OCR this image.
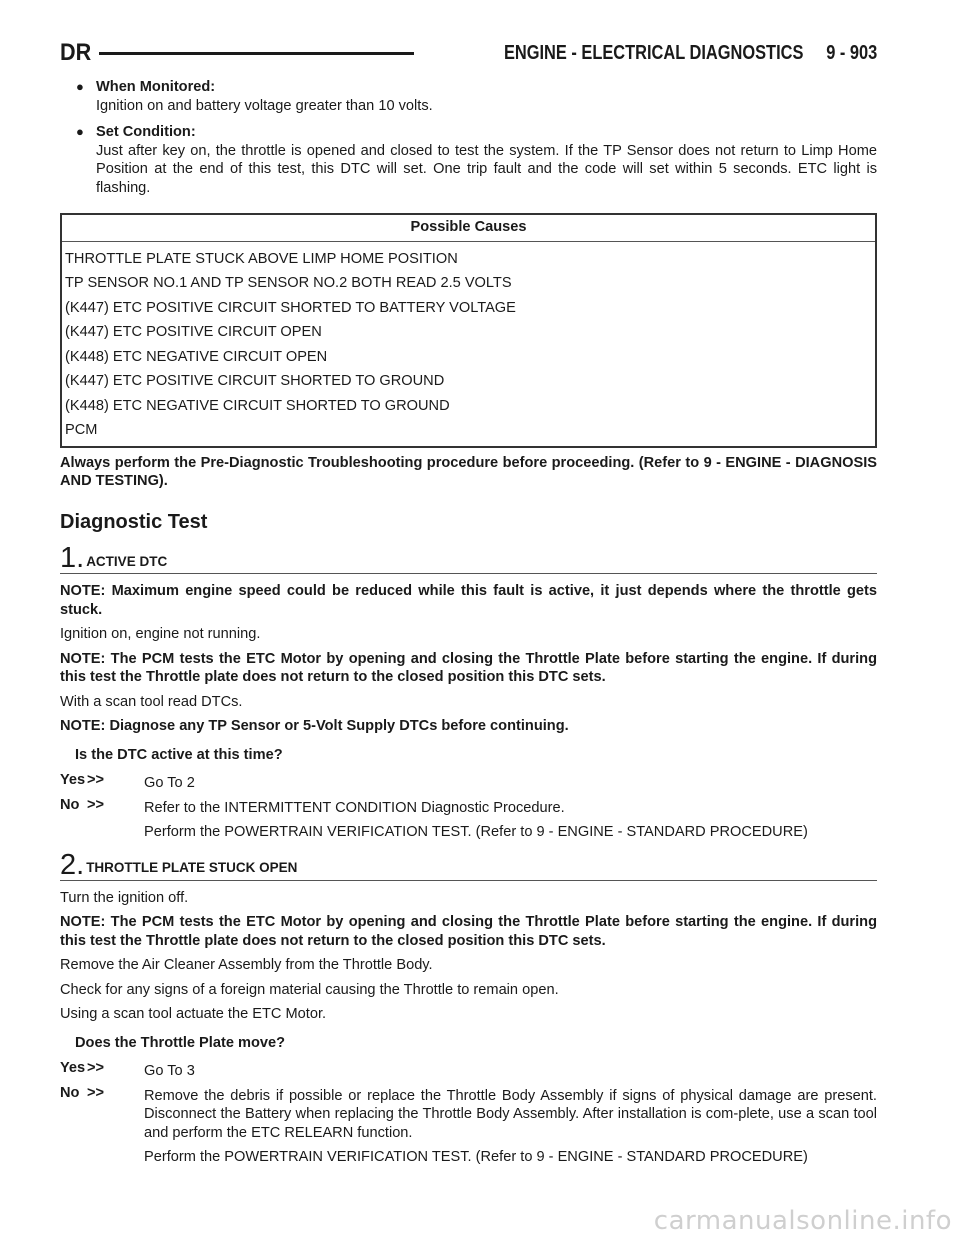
DR	ENGINE - ELECTRICAL DIAGNOSTICS     9 - 903
● When Monitored:
Ignition on and battery voltage greater than 10 volts.
● Set Condition:
Just after key on, the throttle is opened and closed to test the system. If the TP Sensor does not return to Limp Home Position at the end of this test, this DTC will set. One trip fault and the code will set within 5 seconds. ETC light is flashing.
Possible Causes
THROTTLE PLATE STUCK ABOVE LIMP HOME POSITION
TP SENSOR NO.1 AND TP SENSOR NO.2 BOTH READ 2.5 VOLTS
(K447) ETC POSITIVE CIRCUIT SHORTED TO BATTERY VOLTAGE
(K447) ETC POSITIVE CIRCUIT OPEN
(K448) ETC NEGATIVE CIRCUIT OPEN
(K447) ETC POSITIVE CIRCUIT SHORTED TO GROUND
(K448) ETC NEGATIVE CIRCUIT SHORTED TO GROUND
PCM

Always perform the Pre-Diagnostic Troubleshooting procedure before proceeding. (Refer to 9 - ENGINE - DIAGNOSIS AND TESTING).

Diagnostic Test
1. ACTIVE DTC

NOTE: Maximum engine speed could be reduced while this fault is active, it just depends where the throttle gets stuck.

Ignition on, engine not running.

NOTE: The PCM tests the ETC Motor by opening and closing the Throttle Plate before starting the engine. If during this test the Throttle plate does not return to the closed position this DTC sets.

With a scan tool read DTCs.

NOTE: Diagnose any TP Sensor or 5-Volt Supply DTCs before continuing.

Is the DTC active at this time?
Yes >>	Go To 2
No >>	Refer to the INTERMITTENT CONDITION Diagnostic Procedure.
Perform the POWERTRAIN VERIFICATION TEST. (Refer to 9 - ENGINE - STANDARD PROCEDURE)
2. THROTTLE PLATE STUCK OPEN

Turn the ignition off.

NOTE: The PCM tests the ETC Motor by opening and closing the Throttle Plate before starting the engine. If during this test the Throttle plate does not return to the closed position this DTC sets.

Remove the Air Cleaner Assembly from the Throttle Body.

Check for any signs of a foreign material causing the Throttle to remain open.

Using a scan tool actuate the ETC Motor.

Does the Throttle Plate move?
Yes >>	Go To 3
No >>	Remove the debris if possible or replace the Throttle Body Assembly if signs of physical damage are present. Disconnect the Battery when replacing the Throttle Body Assembly. After installation is com-plete, use a scan tool and perform the ETC RELEARN function.
Perform the POWERTRAIN VERIFICATION TEST. (Refer to 9 - ENGINE - STANDARD PROCEDURE)
carmanualsonline.info
